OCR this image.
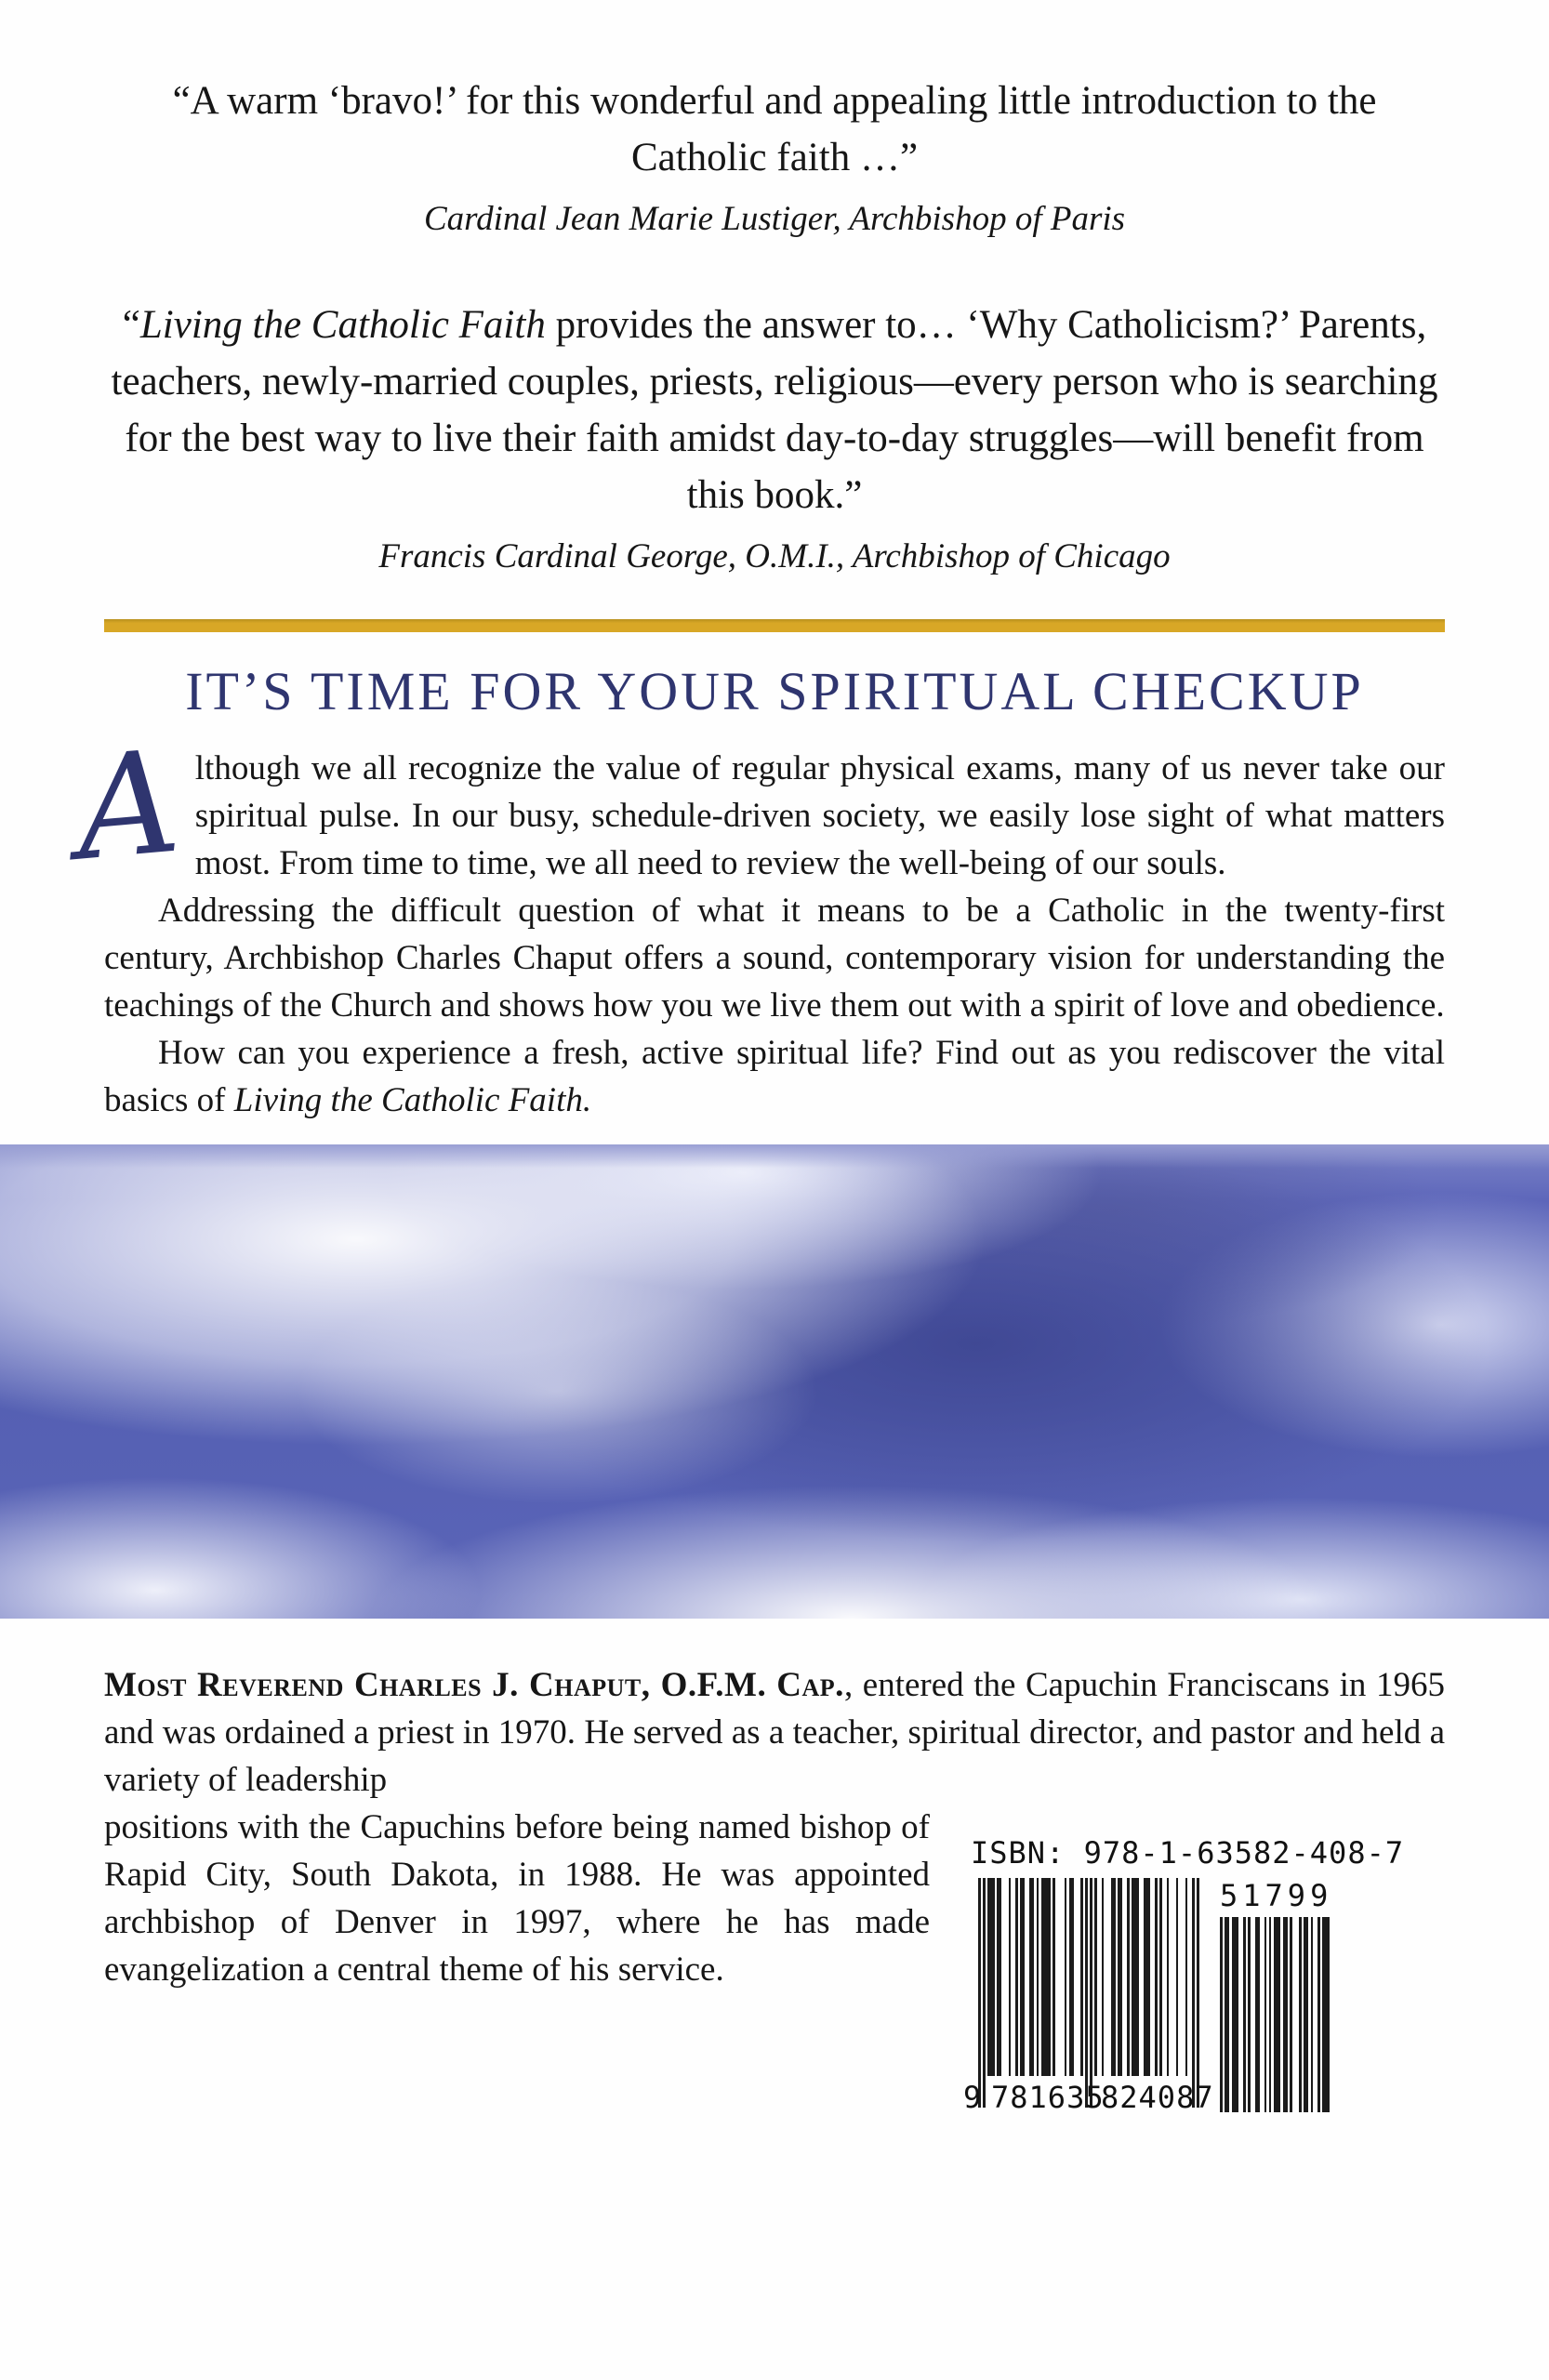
“A warm ‘bravo!’ for this wonderful and appealing little introduction to the Catholic faith …”

Cardinal Jean Marie Lustiger, Archbishop of Paris

“Living the Catholic Faith provides the answer to… ‘Why Catholicism?’ Parents, teachers, newly-married couples, priests, religious—every person who is searching for the best way to live their faith amidst day-to-day struggles—will benefit from this book.”

Francis Cardinal George, O.M.I., Archbishop of Chicago

IT’S TIME FOR YOUR SPIRITUAL CHECKUP

Although we all recognize the value of regular physical exams, many of us never take our spiritual pulse. In our busy, schedule-driven society, we easily lose sight of what matters most. From time to time, we all need to review the well-being of our souls.

Addressing the difficult question of what it means to be a Catholic in the twenty-first century, Archbishop Charles Chaput offers a sound, contemporary vision for understanding the teachings of the Church and shows how you we live them out with a spirit of love and obedience.

How can you experience a fresh, active spiritual life? Find out as you rediscover the vital basics of Living the Catholic Faith.

Most Reverend Charles J. Chaput, O.F.M. Cap., entered the Capuchin Franciscans in 1965 and was ordained a priest in 1970. He served as a teacher, spiritual director, and pastor and held a variety of leadership

positions with the Capuchins before being named bishop of Rapid City, South Dakota, in 1988. He was appointed archbishop of Denver in 1997, where he has made evangelization a central theme of his service.

ISBN: 978-1-63582-408-7
9 781635
824087
51799
